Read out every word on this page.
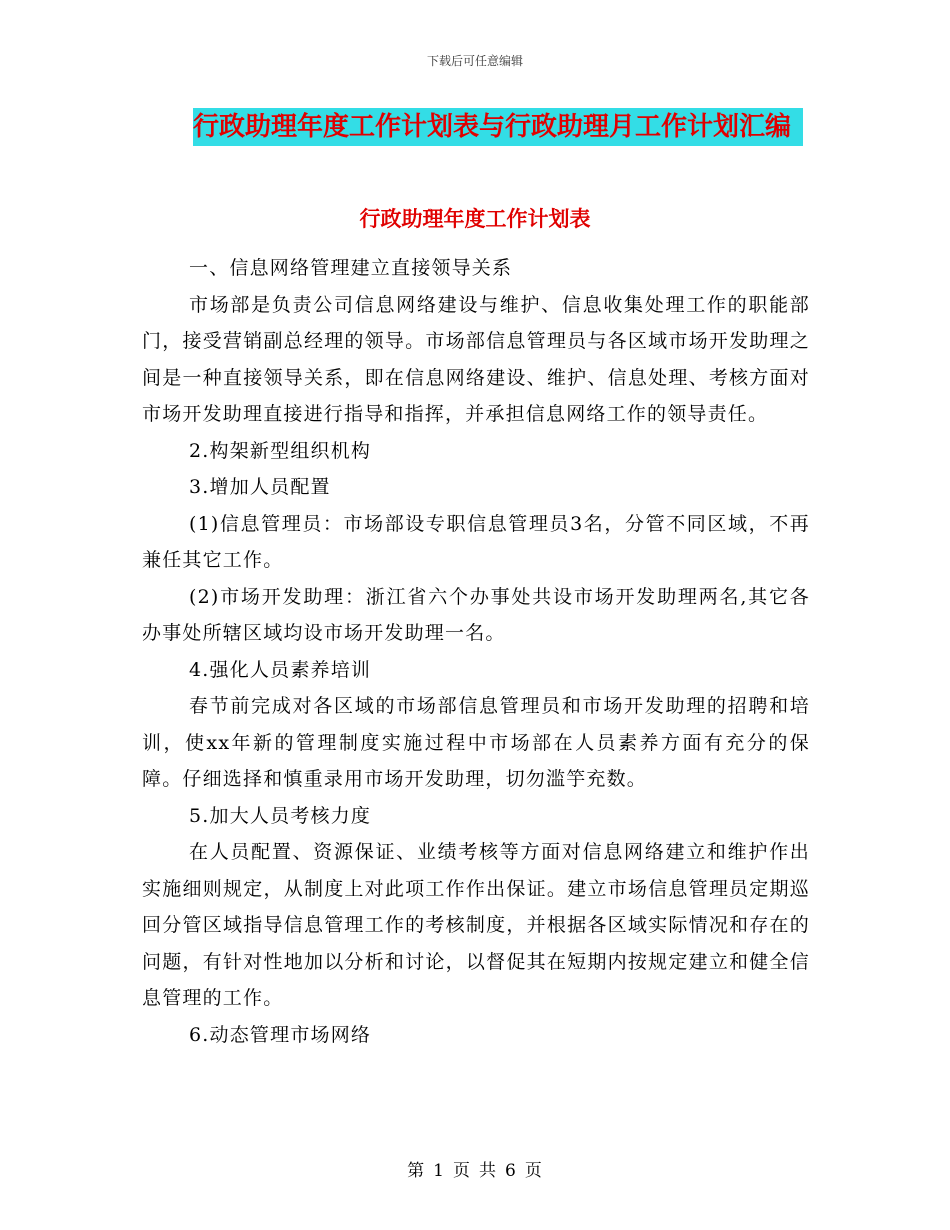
下载后可任意编辑
行政助理年度工作计划表与行政助理月工作计划汇编
行政助理年度工作计划表

一、信息网络管理建立直接领导关系

市场部是负责公司信息网络建设与维护、信息收集处理工作的职能部门，接受营销副总经理的领导。市场部信息管理员与各区域市场开发助理之间是一种直接领导关系，即在信息网络建设、维护、信息处理、考核方面对市场开发助理直接进行指导和指挥，并承担信息网络工作的领导责任。

2.构架新型组织机构

3.增加人员配置

(1)信息管理员：市场部设专职信息管理员3名，分管不同区域，不再兼任其它工作。

(2)市场开发助理：浙江省六个办事处共设市场开发助理两名,其它各办事处所辖区域均设市场开发助理一名。

4.强化人员素养培训

春节前完成对各区域的市场部信息管理员和市场开发助理的招聘和培训，使xx年新的管理制度实施过程中市场部在人员素养方面有充分的保障。仔细选择和慎重录用市场开发助理，切勿滥竽充数。

5.加大人员考核力度

在人员配置、资源保证、业绩考核等方面对信息网络建立和维护作出实施细则规定，从制度上对此项工作作出保证。建立市场信息管理员定期巡回分管区域指导信息管理工作的考核制度，并根据各区域实际情况和存在的问题，有针对性地加以分析和讨论，以督促其在短期内按规定建立和健全信息管理的工作。

6.动态管理市场网络

第 1 页 共 6 页
